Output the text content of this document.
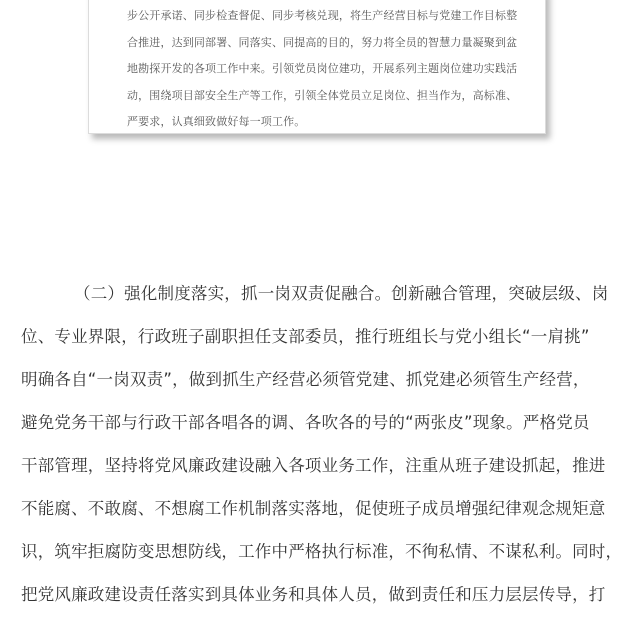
步公开承诺、同步检查督促、同步考核兑现，将生产经营目标与党建工作目标整

合推进，达到同部署、同落实、同提高的目的，努力将全员的智慧力量凝聚到盆

地勘探开发的各项工作中来。引领党员岗位建功，开展系列主题岗位建功实践活

动，围绕项目部安全生产等工作，引领全体党员立足岗位、担当作为，高标准、

严要求，认真细致做好每一项工作。

（二）强化制度落实，抓一岗双责促融合。创新融合管理，突破层级、岗

位、专业界限，行政班子副职担任支部委员，推行班组长与党小组长“一肩挑”

明确各自“一岗双责”，做到抓生产经营必须管党建、抓党建必须管生产经营，

避免党务干部与行政干部各唱各的调、各吹各的号的“两张皮”现象。严格党员

干部管理，坚持将党风廉政建设融入各项业务工作，注重从班子建设抓起，推进

不能腐、不敢腐、不想腐工作机制落实落地，促使班子成员增强纪律观念规矩意

识，筑牢拒腐防变思想防线，工作中严格执行标准，不徇私情、不谋私利。同时，

把党风廉政建设责任落实到具体业务和具体人员，做到责任和压力层层传导，打
